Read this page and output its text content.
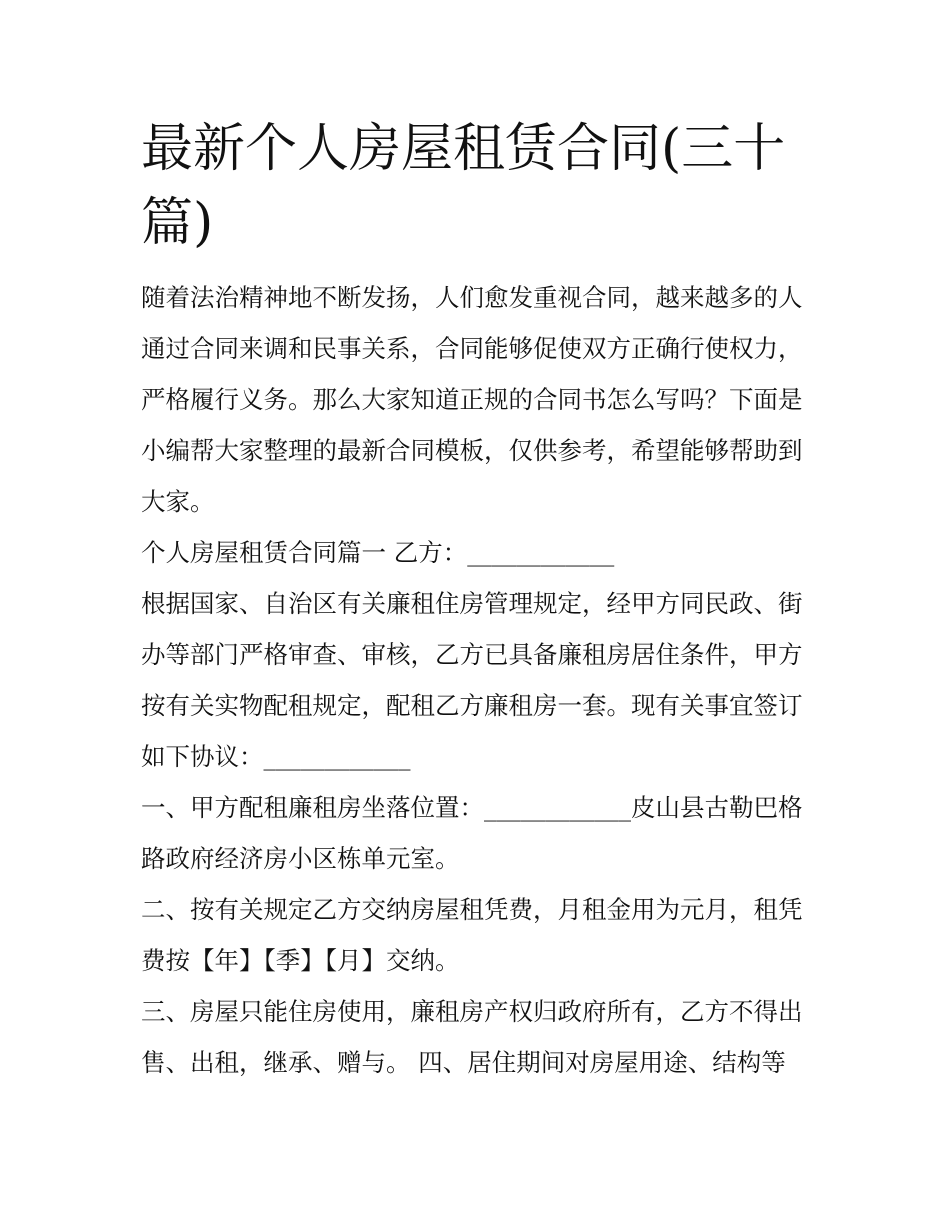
最新个人房屋租赁合同(三十篇)

随着法治精神地不断发扬，人们愈发重视合同，越来越多的人通过合同来调和民事关系，合同能够促使双方正确行使权力，严格履行义务。那么大家知道正规的合同书怎么写吗？下面是小编帮大家整理的最新合同模板，仅供参考，希望能够帮助到大家。

个人房屋租赁合同篇一 乙方：____________

根据国家、自治区有关廉租住房管理规定，经甲方同民政、街办等部门严格审查、审核，乙方已具备廉租房居住条件，甲方按有关实物配租规定，配租乙方廉租房一套。现有关事宜签订如下协议：____________

一、甲方配租廉租房坐落位置：____________皮山县古勒巴格路政府经济房小区栋单元室。

二、按有关规定乙方交纳房屋租凭费，月租金用为元月，租凭费按【年】【季】【月】交纳。

三、房屋只能住房使用，廉租房产权归政府所有，乙方不得出售、出租，继承、赠与。 四、居住期间对房屋用途、结构等
